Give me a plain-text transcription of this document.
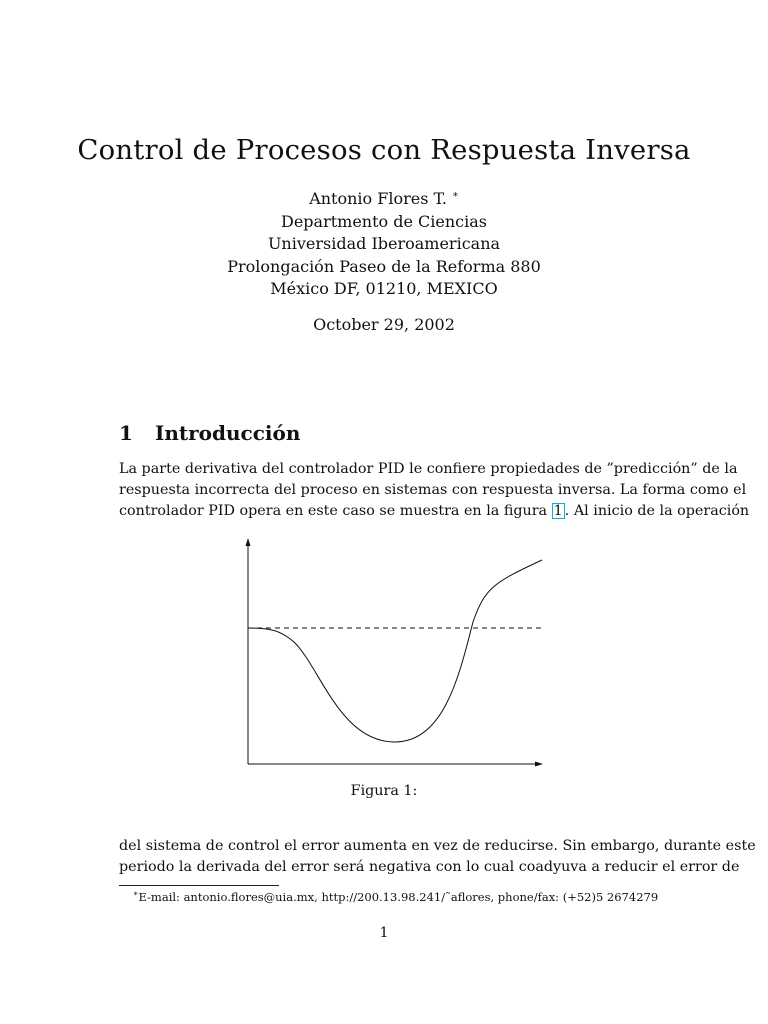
Control de Procesos con Respuesta Inversa
Antonio Flores T. ∗
Departmento de Ciencias
Universidad Iberoamericana
Prolongación Paseo de la Reforma 880
México DF, 01210, MEXICO
October 29, 2002
1 Introducción
La parte derivativa del controlador PID le confiere propiedades de ”predicción” de la
respuesta incorrecta del proceso en sistemas con respuesta inversa. La forma como el
controlador PID opera en este caso se muestra en la figura 1 . Al inicio de la operación
Figura 1:
del sistema de control el error aumenta en vez de reducirse. Sin embargo, durante este
periodo la derivada del error será negativa con lo cual coadyuva a reducir el error de
∗E-mail: antonio.flores@uia.mx, http://200.13.98.241/˜aflores, phone/fax: (+52)5 2674279
1
